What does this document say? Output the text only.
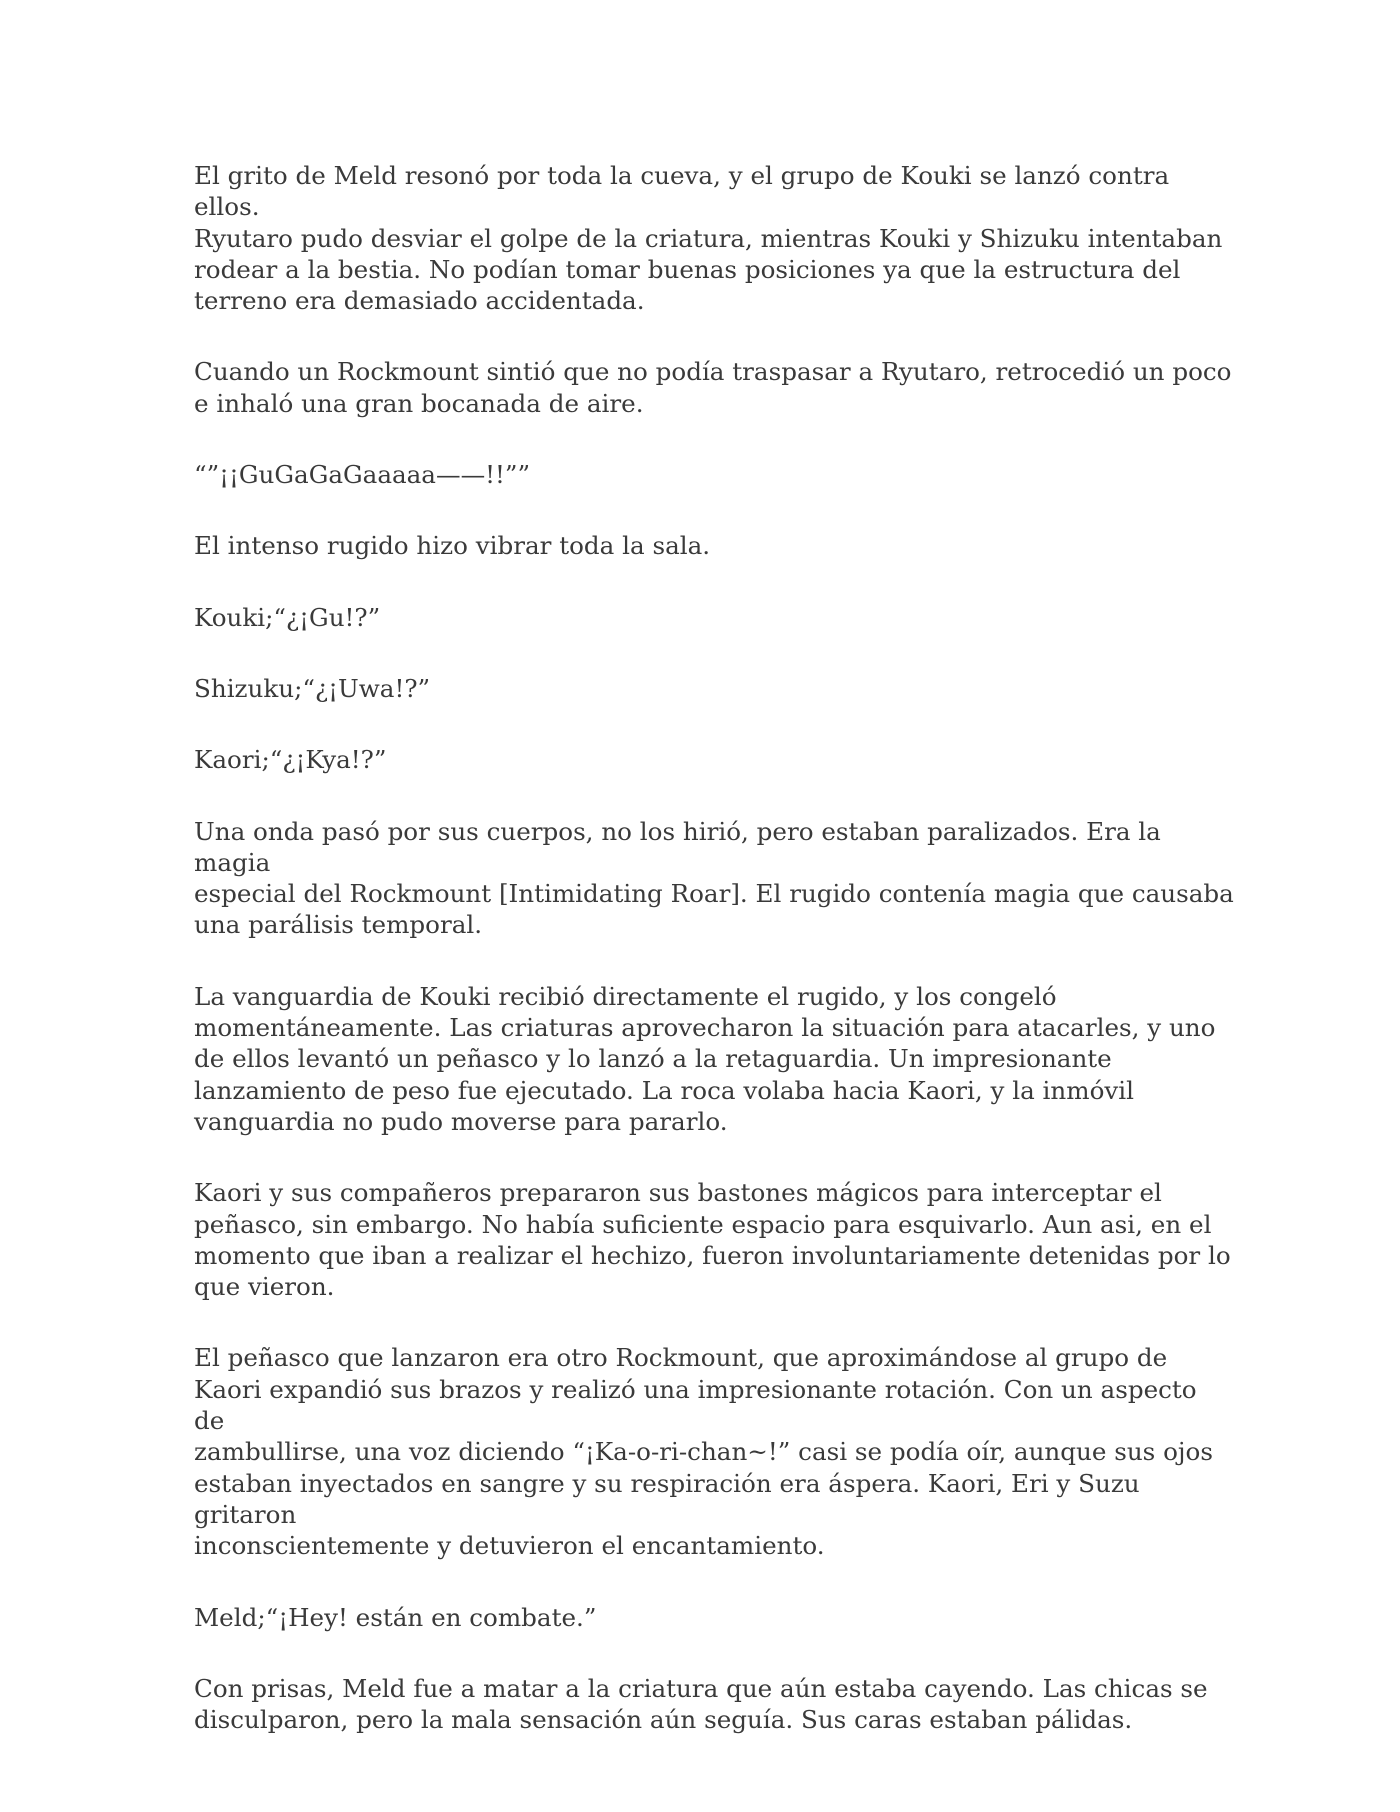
El grito de Meld resonó por toda la cueva, y el grupo de Kouki se lanzó contra ellos.
Ryutaro pudo desviar el golpe de la criatura, mientras Kouki y Shizuku intentaban
rodear a la bestia. No podían tomar buenas posiciones ya que la estructura del
terreno era demasiado accidentada.

Cuando un Rockmount sintió que no podía traspasar a Ryutaro, retrocedió un poco
e inhaló una gran bocanada de aire.

“”¡¡GuGaGaGaaaaa——!!””

El intenso rugido hizo vibrar toda la sala.

Kouki;“¿¡Gu!?”

Shizuku;“¿¡Uwa!?”

Kaori;“¿¡Kya!?”

Una onda pasó por sus cuerpos, no los hirió, pero estaban paralizados. Era la magia
especial del Rockmount [Intimidating Roar]. El rugido contenía magia que causaba
una parálisis temporal.

La vanguardia de Kouki recibió directamente el rugido, y los congeló
momentáneamente. Las criaturas aprovecharon la situación para atacarles, y uno
de ellos levantó un peñasco y lo lanzó a la retaguardia. Un impresionante
lanzamiento de peso fue ejecutado. La roca volaba hacia Kaori, y la inmóvil
vanguardia no pudo moverse para pararlo.

Kaori y sus compañeros prepararon sus bastones mágicos para interceptar el
peñasco, sin embargo. No había suficiente espacio para esquivarlo. Aun asi, en el
momento que iban a realizar el hechizo, fueron involuntariamente detenidas por lo
que vieron.

El peñasco que lanzaron era otro Rockmount, que aproximándose al grupo de
Kaori expandió sus brazos y realizó una impresionante rotación. Con un aspecto de
zambullirse, una voz diciendo “¡Ka-o-ri-chan~!” casi se podía oír, aunque sus ojos
estaban inyectados en sangre y su respiración era áspera. Kaori, Eri y Suzu gritaron
inconscientemente y detuvieron el encantamiento.

Meld;“¡Hey! están en combate.”

Con prisas, Meld fue a matar a la criatura que aún estaba cayendo. Las chicas se
disculparon, pero la mala sensación aún seguía. Sus caras estaban pálidas.
